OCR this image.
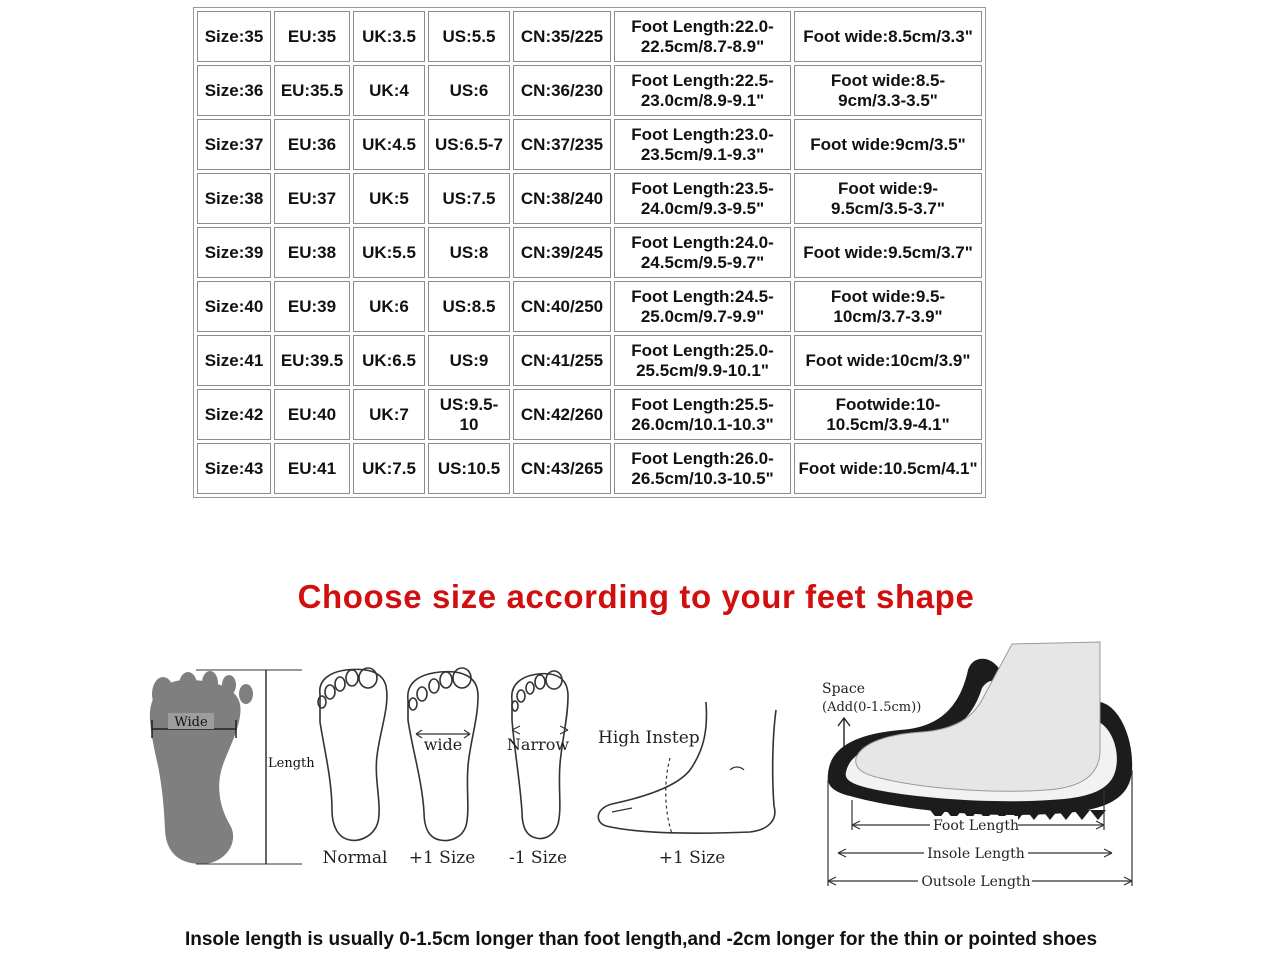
Size:35	EU:35	UK:3.5	US:5.5	CN:35/225	Foot Length:22.0-22.5cm/8.7-8.9"	Foot wide:8.5cm/3.3"
Size:36	EU:35.5	UK:4	US:6	CN:36/230	Foot Length:22.5-23.0cm/8.9-9.1"	Foot wide:8.5-9cm/3.3-3.5"
Size:37	EU:36	UK:4.5	US:6.5-7	CN:37/235	Foot Length:23.0-23.5cm/9.1-9.3"	Foot wide:9cm/3.5"
Size:38	EU:37	UK:5	US:7.5	CN:38/240	Foot Length:23.5-24.0cm/9.3-9.5"	Foot wide:9-9.5cm/3.5-3.7"
Size:39	EU:38	UK:5.5	US:8	CN:39/245	Foot Length:24.0-24.5cm/9.5-9.7"	Foot wide:9.5cm/3.7"
Size:40	EU:39	UK:6	US:8.5	CN:40/250	Foot Length:24.5-25.0cm/9.7-9.9"	Foot wide:9.5-10cm/3.7-3.9"
Size:41	EU:39.5	UK:6.5	US:9	CN:41/255	Foot Length:25.0-25.5cm/9.9-10.1"	Foot wide:10cm/3.9"
Size:42	EU:40	UK:7	US:9.5-10	CN:42/260	Foot Length:25.5-26.0cm/10.1-10.3"	Footwide:10-10.5cm/3.9-4.1"
Size:43	EU:41	UK:7.5	US:10.5	CN:43/265	Foot Length:26.0-26.5cm/10.3-10.5"	Foot wide:10.5cm/4.1"
Choose size according to your feet shape
Wide
Length
Normal
wide
+1 Size
Narrow
-1 Size
High Instep
+1 Size
Space
(Add(0-1.5cm))
Foot Length
Insole Length
Outsole Length
Insole length is usually 0-1.5cm longer than foot length,and -2cm longer for the thin or pointed shoes
